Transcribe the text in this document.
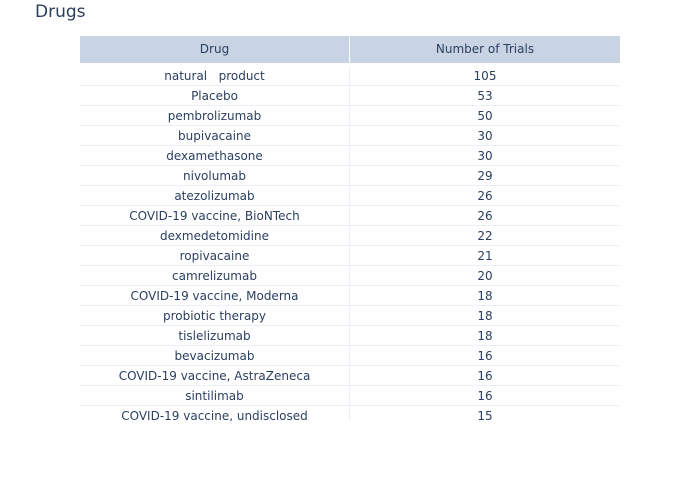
Drugs
Drug	Number of Trials
natural   product	105
Placebo	53
pembrolizumab	50
bupivacaine	30
dexamethasone	30
nivolumab	29
atezolizumab	26
COVID-19 vaccine, BioNTech	26
dexmedetomidine	22
ropivacaine	21
camrelizumab	20
COVID-19 vaccine, Moderna	18
probiotic therapy	18
tislelizumab	18
bevacizumab	16
COVID-19 vaccine, AstraZeneca	16
sintilimab	16
COVID-19 vaccine, undisclosed	15
